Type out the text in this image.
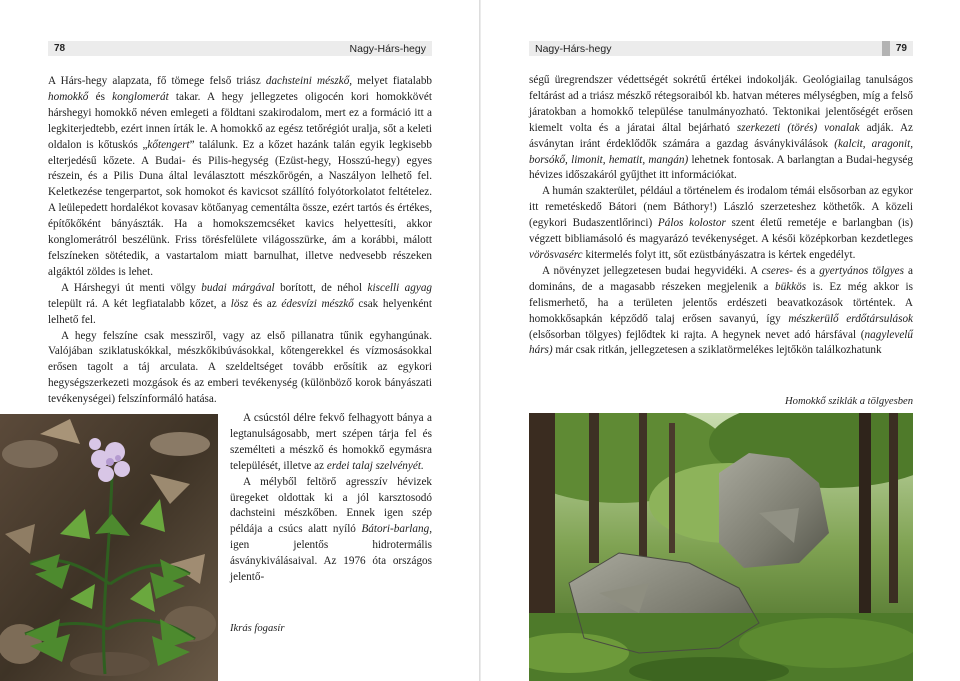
78	Nagy-Hárs-hegy

A Hárs-hegy alapzata, fő tömege felső triász dachsteini mészkő, melyet fiatalabb homokkő és konglomerát takar. A hegy jellegzetes oligocén kori homokkövét hárshegyi homokkő néven emlegeti a földtani szakirodalom, mert ez a formáció itt a legkiterjedtebb, ezért innen írták le. A homokkő az egész tetőrégiót uralja, sőt a keleti oldalon is kőtuskós „kőtengert” találunk. Ez a kőzet hazánk talán egyik legkisebb elterjedésű kőzete. A Budai- és Pilis-hegység (Ezüst-hegy, Hosszú-hegy) egyes részein, és a Pilis Duna által leválasztott mészkőrögén, a Naszályon lelhető fel. Keletkezése tengerpartot, sok homokot és kavicsot szállító folyótorkolatot feltételez. A leülepedett hordalékot kovasav kötőanyag cementálta össze, ezért tartós és értékes, építőkőként bányászták. Ha a homokszemcséket kavics helyettesíti, akkor konglomerátról beszélünk. Friss törésfelülete világosszürke, ám a korábbi, málott felszíneken sötétedik, a vastartalom miatt barnulhat, illetve nedvesebb részeken algáktól zöldes is lehet.

A Hárshegyi út menti völgy budai márgával borított, de néhol kiscelli agyag települt rá. A két legfiatalabb kőzet, a lösz és az édesvízi mészkő csak helyenként lelhető fel.

A hegy felszíne csak messziről, vagy az első pillanatra tűnik egyhangúnak. Valójában sziklatuskókkal, mészkőkibúvásokkal, kőtengerekkel és vízmosásokkal erősen tagolt a táj arculata. A szeldeltséget tovább erősítik az egykori hegységszerkezeti mozgások és az emberi tevékenység (különböző korok bányászati tevékenységei) felszínformáló hatása.

A csúcstól délre fekvő felhagyott bánya a legtanulságosabb, mert szépen tárja fel és személteti a mészkő és homokkő egymásra települését, illetve az erdei talaj szelvényét.

A mélyből feltörő agresszív hévizek üregeket oldottak ki a jól karsztosodó dachsteini mészkőben. Ennek igen szép példája a csúcs alatt nyíló Bátori-barlang, igen jelentős hidrotermális ásványkiválásaival. Az 1976 óta országos jelentő-

Ikrás fogasír
Nagy-Hárs-hegy	79

ségű üregrendszer védettségét sokrétű értékei indokolják. Geológiailag tanulságos feltárást ad a triász mészkő rétegsoraiból kb. hatvan méteres mélységben, míg a felső járatokban a homokkő települése tanulmányozható. Tektonikai jelentőségét erősen kiemelt volta és a járatai által bejárható szerkezeti (törés) vonalak adják. Az ásványtan iránt érdeklődők számára a gazdag ásványkiválások (kalcit, aragonit, borsókő, limonit, hematit, mangán) lehetnek fontosak. A barlangtan a Budai-hegység hévizes időszakáról gyűjthet itt információkat.

A humán szakterület, például a történelem és irodalom témái elsősorban az egykor itt remetéskedő Bátori (nem Báthory!) László szerzeteshez köthetők. A közeli (egykori Budaszentlőrinci) Pálos kolostor szent életű remetéje e barlangban (is) végzett bibliamásoló és magyarázó tevékenységet. A késői középkorban kezdetleges vörösvasérc kitermelés folyt itt, sőt ezüstbányászatra is kértek engedélyt.

A növényzet jellegzetesen budai hegyvidéki. A cseres- és a gyertyános tölgyes a domináns, de a magasabb részeken megjelenik a bükkös is. Ez még akkor is felismerhető, ha a területen jelentős erdészeti beavatkozások történtek. A homokkősapkán képződő talaj erősen savanyú, így mészkerülő erdőtársulások (elsősorban tölgyes) fejlődtek ki rajta. A hegynek nevet adó hársfával (nagylevelű hárs) már csak ritkán, jellegzetesen a sziklatörmelékes lejtőkön találkozhatunk

Homokkő sziklák a tölgyesben
